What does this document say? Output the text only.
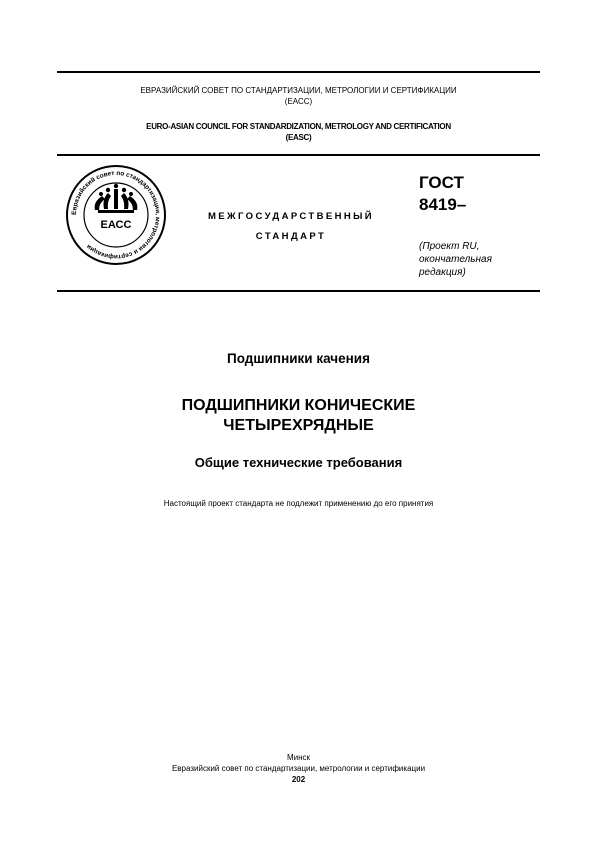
ЕВРАЗИЙСКИЙ СОВЕТ ПО СТАНДАРТИЗАЦИИ, МЕТРОЛОГИИ И СЕРТИФИКАЦИИ
(ЕАСС)
EURO-ASIAN COUNCIL FOR STANDARDIZATION, METROLOGY AND CERTIFICATION
(EASC)
Евразийский совет по стандартизации, метрологии и сертификации
ЕАСС
МЕЖГОСУДАРСТВЕННЫЙ
СТАНДАРТ
ГОСТ
8419–
(Проект RU,
окончательная
редакция)
Подшипники качения
ПОДШИПНИКИ КОНИЧЕСКИЕ
ЧЕТЫРЕХРЯДНЫЕ
Общие технические требования
Настоящий проект стандарта не подлежит применению до его принятия
Минск
Евразийский совет по стандартизации, метрологии и сертификации
202
